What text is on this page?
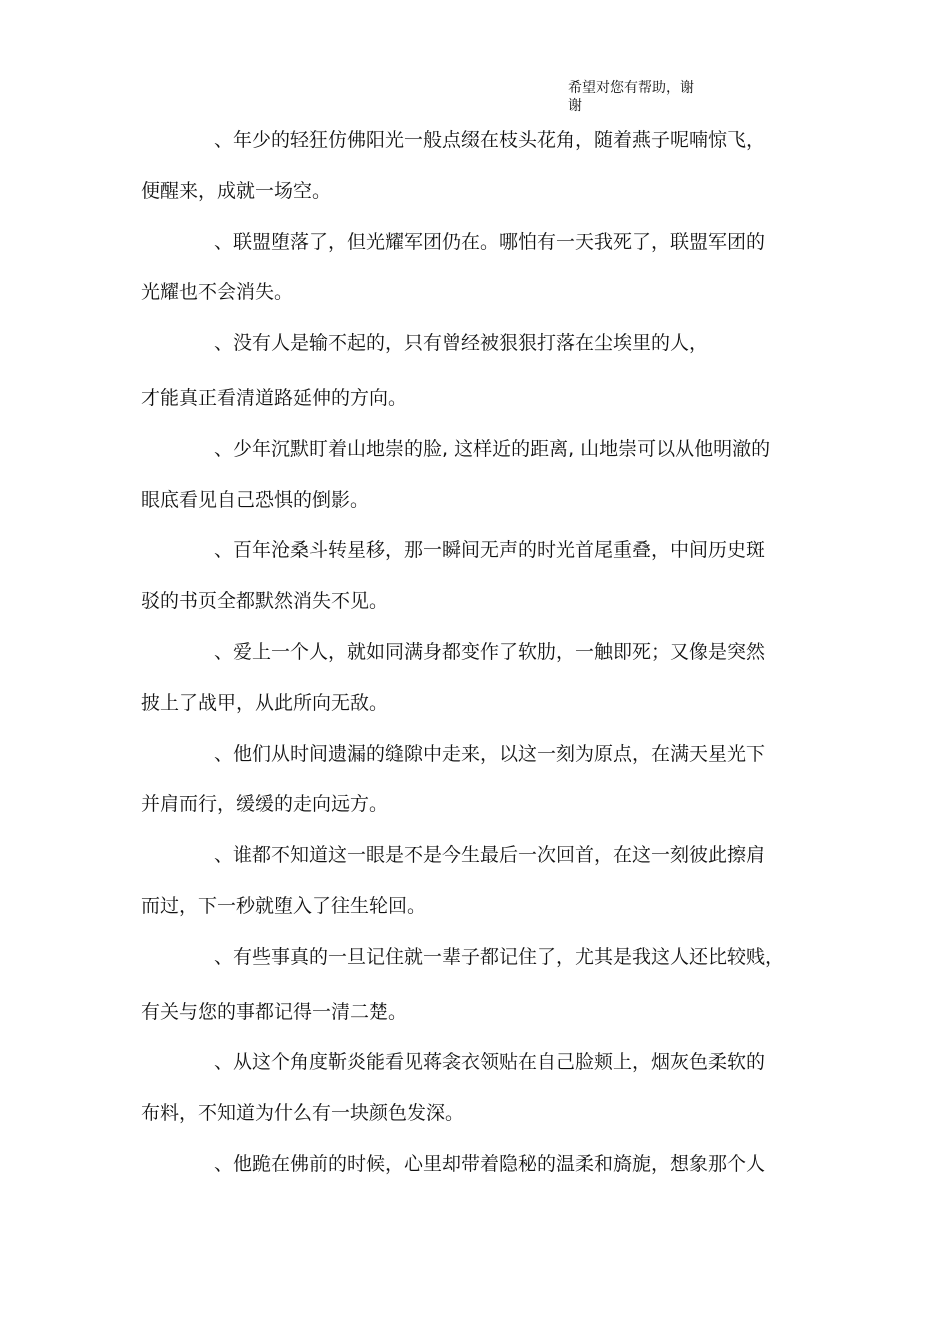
希望对您有帮助，谢
谢
、年少的轻狂仿佛阳光一般点缀在枝头花角，随着燕子呢喃惊飞，
便醒来，成就一场空。
、联盟堕落了，但光耀军团仍在。哪怕有一天我死了，联盟军团的
光耀也不会消失。
、没有人是输不起的，只有曾经被狠狠打落在尘埃里的人，
才能真正看清道路延伸的方向。
、少年沉默盯着山地崇的脸, 这样近的距离, 山地崇可以从他明澈的
眼底看见自己恐惧的倒影。
、百年沧桑斗转星移，那一瞬间无声的时光首尾重叠，中间历史斑
驳的书页全都默然消失不见。
、爱上一个人，就如同满身都变作了软肋，一触即死；又像是突然
披上了战甲，从此所向无敌。
、他们从时间遗漏的缝隙中走来，以这一刻为原点，在满天星光下
并肩而行，缓缓的走向远方。
、谁都不知道这一眼是不是今生最后一次回首，在这一刻彼此擦肩
而过，下一秒就堕入了往生轮回。
、有些事真的一旦记住就一辈子都记住了，尤其是我这人还比较贱，
有关与您的事都记得一清二楚。
、从这个角度靳炎能看见蒋衾衣领贴在自己脸颊上，烟灰色柔软的
布料，不知道为什么有一块颜色发深。
、他跪在佛前的时候，心里却带着隐秘的温柔和旖旎，想象那个人
